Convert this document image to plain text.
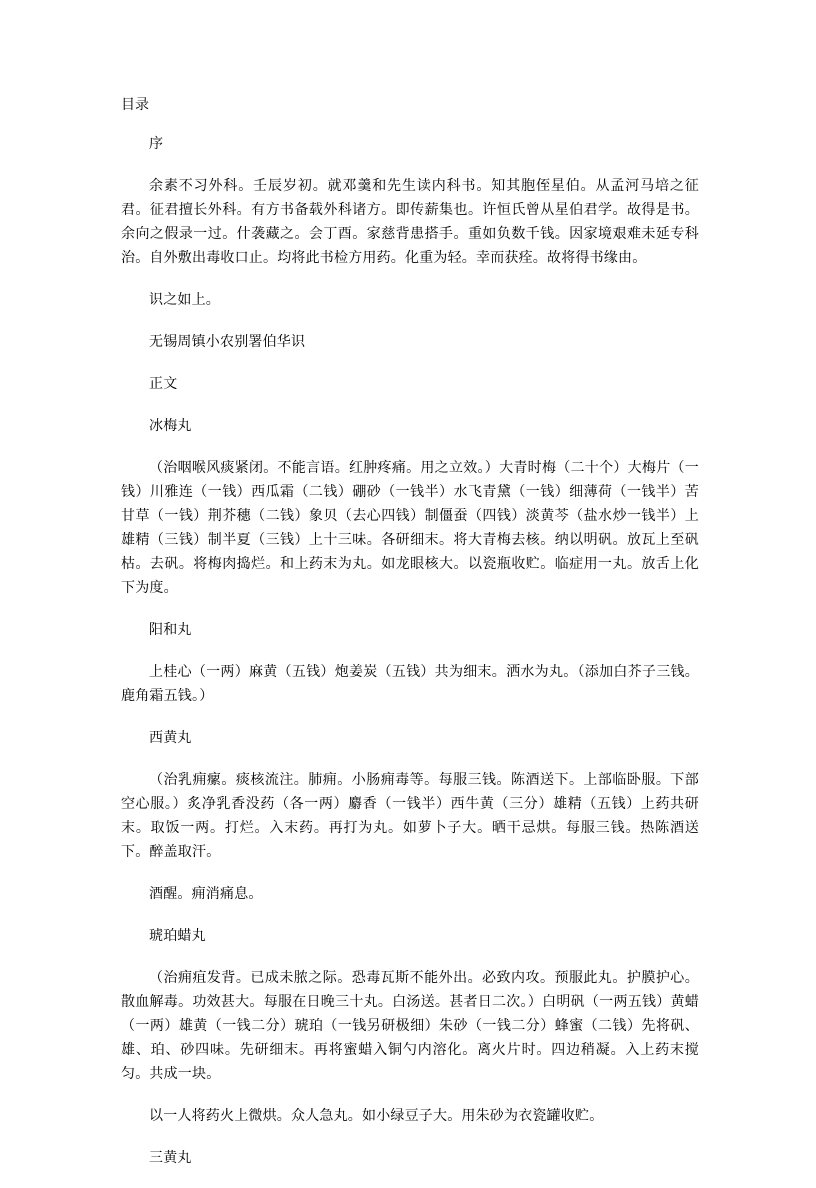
目录

序

余素不习外科。壬辰岁初。就邓羹和先生读内科书。知其胞侄星伯。从孟河马培之征君。征君擅长外科。有方书备载外科诸方。即传薪集也。许恒氏曾从星伯君学。故得是书。余向之假录一过。什袭藏之。会丁酉。家慈背患搭手。重如负数千钱。因家境艰难未延专科治。自外敷出毒收口止。均将此书检方用药。化重为轻。幸而获痊。故将得书缘由。

识之如上。

无锡周镇小农别署伯华识

正文

冰梅丸

（治咽喉风痰紧闭。不能言语。红肿疼痛。用之立效。）大青时梅（二十个）大梅片（一钱）川雅连（一钱）西瓜霜（二钱）硼砂（一钱半）水飞青黛（一钱）细薄荷（一钱半）苦甘草（一钱）荆芥穗（二钱）象贝（去心四钱）制僵蚕（四钱）淡黄芩（盐水炒一钱半）上雄精（三钱）制半夏（三钱）上十三味。各研细末。将大青梅去核。纳以明矾。放瓦上至矾枯。去矾。将梅肉捣烂。和上药末为丸。如龙眼核大。以瓷瓶收贮。临症用一丸。放舌上化下为度。

阳和丸

上桂心（一两）麻黄（五钱）炮姜炭（五钱）共为细末。洒水为丸。（添加白芥子三钱。鹿角霜五钱。）

西黄丸

（治乳痈瘰。痰核流注。肺痈。小肠痈毒等。每服三钱。陈酒送下。上部临卧服。下部空心服。）炙净乳香没药（各一两）麝香（一钱半）西牛黄（三分）雄精（五钱）上药共研末。取饭一两。打烂。入末药。再打为丸。如萝卜子大。晒干忌烘。每服三钱。热陈酒送下。醉盖取汗。

酒醒。痈消痛息。

琥珀蜡丸

（治痈疽发背。已成未脓之际。恐毒瓦斯不能外出。必致内攻。预服此丸。护膜护心。散血解毒。功效甚大。每服在日晚三十丸。白汤送。甚者日二次。）白明矾（一两五钱）黄蜡（一两）雄黄（一钱二分）琥珀（一钱另研极细）朱砂（一钱二分）蜂蜜（二钱）先将矾、雄、珀、砂四味。先研细末。再将蜜蜡入铜勺内溶化。离火片时。四边稍凝。入上药末搅匀。共成一块。

以一人将药火上微烘。众人急丸。如小绿豆子大。用朱砂为衣瓷罐收贮。

三黄丸
